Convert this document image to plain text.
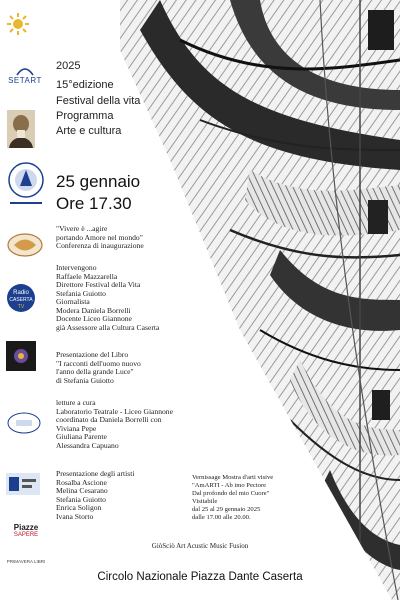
SETART
Radio
CASERTA
TV
Piazze
SAPERE
PRIMAVERA LIBRI
2025
15°edizione
Festival della vita
Programma
Arte e cultura
25 gennaio
Ore 17.30
"Vivere è ...agire
portando Amore nel mondo"
Conferenza di inaugurazione
Intervengono
Raffaele Mazzarella
Direttore Festival della Vita
Stefania Guiotto
Giornalista
Modera Daniela Borrelli
Docente Liceo Giannone
già Assessore alla Cultura Caserta
Presentazione del Libro
"I racconti dell'uomo nuovo
l'anno della grande Luce"
di Stefania Guiotto
letture a cura
Laboratorio Teatrale - Liceo Giannone
coordinato da Daniela Borrelli con
Viviana Pepe
Giuliana Parente
Alessandra Capuano
Presentazione degli artisti
Rosalba Ascione
Melina Cesarano
Stefania Guiotto
Enrica Soligon
Ivana Storto
Vernissage Mostra d'arti visive
"AmARTI - Ab imo Pectore
Dal profondo del mio Cuore"
Visitabile
dal 25 al 29 gennaio 2025
dalle 17.00 alle 20.00.
GiòSciò Art Acustic Music Fusion
Circolo Nazionale Piazza Dante Caserta
